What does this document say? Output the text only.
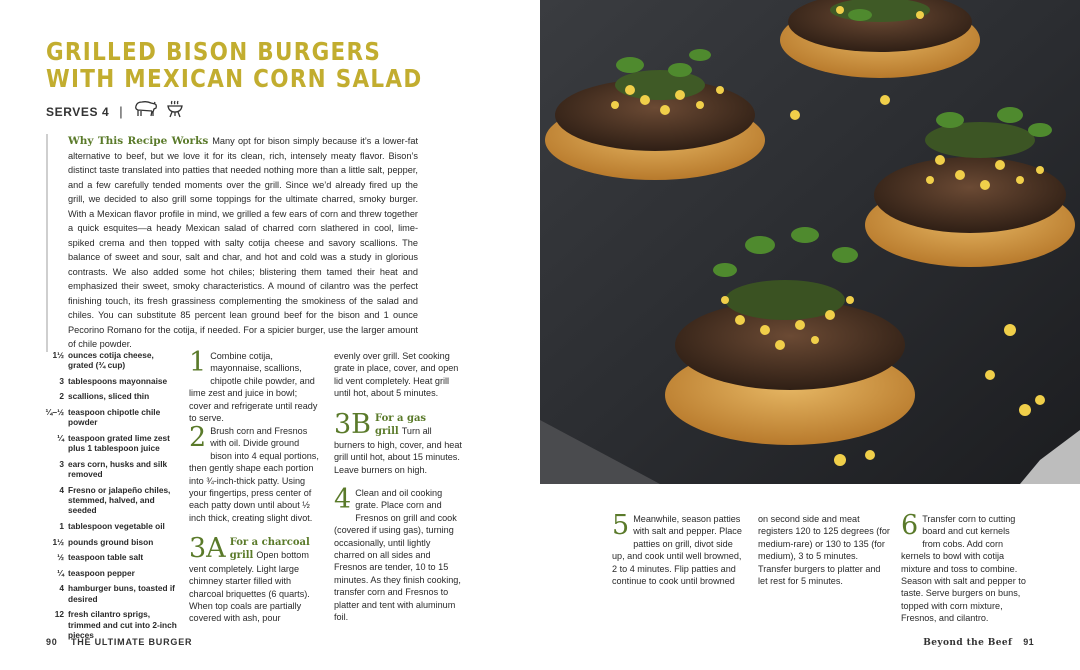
GRILLED BISON BURGERS WITH MEXICAN CORN SALAD
SERVES 4 |
Why This Recipe Works Many opt for bison simply because it’s a lower-fat alternative to beef, but we love it for its clean, rich, intensely meaty flavor. Bison’s distinct taste translated into patties that needed nothing more than a little salt, pepper, and a few carefully tended moments over the grill. Since we’d already fired up the grill, we decided to also grill some toppings for the ultimate charred, smoky burger. With a Mexican flavor profile in mind, we grilled a few ears of corn and threw together a quick esquites—a heady Mexican salad of charred corn slathered in cool, lime-spiked crema and then topped with salty cotija cheese and savory scallions. The balance of sweet and sour, salt and char, and hot and cold was a study in glorious contrasts. We also added some hot chiles; blistering them tamed their heat and emphasized their sweet, smoky characteristics. A mound of cilantro was the perfect finishing touch, its fresh grassiness complementing the smokiness of the salad and chiles. You can substitute 85 percent lean ground beef for the bison and 1 ounce Pecorino Romano for the cotija, if needed. For a spicier burger, use the larger amount of chile powder.
1½ ounces cotija cheese, grated (¾ cup)
3 tablespoons mayonnaise
2 scallions, sliced thin
¼–½ teaspoon chipotle chile powder
¼ teaspoon grated lime zest plus 1 tablespoon juice
3 ears corn, husks and silk removed
4 Fresno or jalapeño chiles, stemmed, halved, and seeded
1 tablespoon vegetable oil
1½ pounds ground bison
½ teaspoon table salt
¼ teaspoon pepper
4 hamburger buns, toasted if desired
12 fresh cilantro sprigs, trimmed and cut into 2-inch pieces
1 Combine cotija, mayonnaise, scallions, chipotle chile powder, and lime zest and juice in bowl; cover and refrigerate until ready to serve.
2 Brush corn and Fresnos with oil. Divide ground bison into 4 equal portions, then gently shape each portion into ¾-inch-thick patty. Using your fingertips, press center of each patty down until about ½ inch thick, creating slight divot.
3A For a charcoal grill Open bottom vent completely. Light large chimney starter filled with charcoal briquettes (6 quarts). When top coals are partially covered with ash, pour
evenly over grill. Set cooking grate in place, cover, and open lid vent completely. Heat grill until hot, about 5 minutes.
3B For a gas grill Turn all burners to high, cover, and heat grill until hot, about 15 minutes. Leave burners on high.
4 Clean and oil cooking grate. Place corn and Fresnos on grill and cook (covered if using gas), turning occasionally, until lightly charred on all sides and Fresnos are tender, 10 to 15 minutes. As they finish cooking, transfer corn and Fresnos to platter and tent with aluminum foil.
90 THE ULTIMATE BURGER
5 Meanwhile, season patties with salt and pepper. Place patties on grill, divot side up, and cook until well browned, 2 to 4 minutes. Flip patties and continue to cook until browned
on second side and meat registers 120 to 125 degrees (for medium-rare) or 130 to 135 (for medium), 3 to 5 minutes. Transfer burgers to platter and let rest for 5 minutes.
6 Transfer corn to cutting board and cut kernels from cobs. Add corn kernels to bowl with cotija mixture and toss to combine. Season with salt and pepper to taste. Serve burgers on buns, topped with corn mixture, Fresnos, and cilantro.
Beyond the Beef 91
